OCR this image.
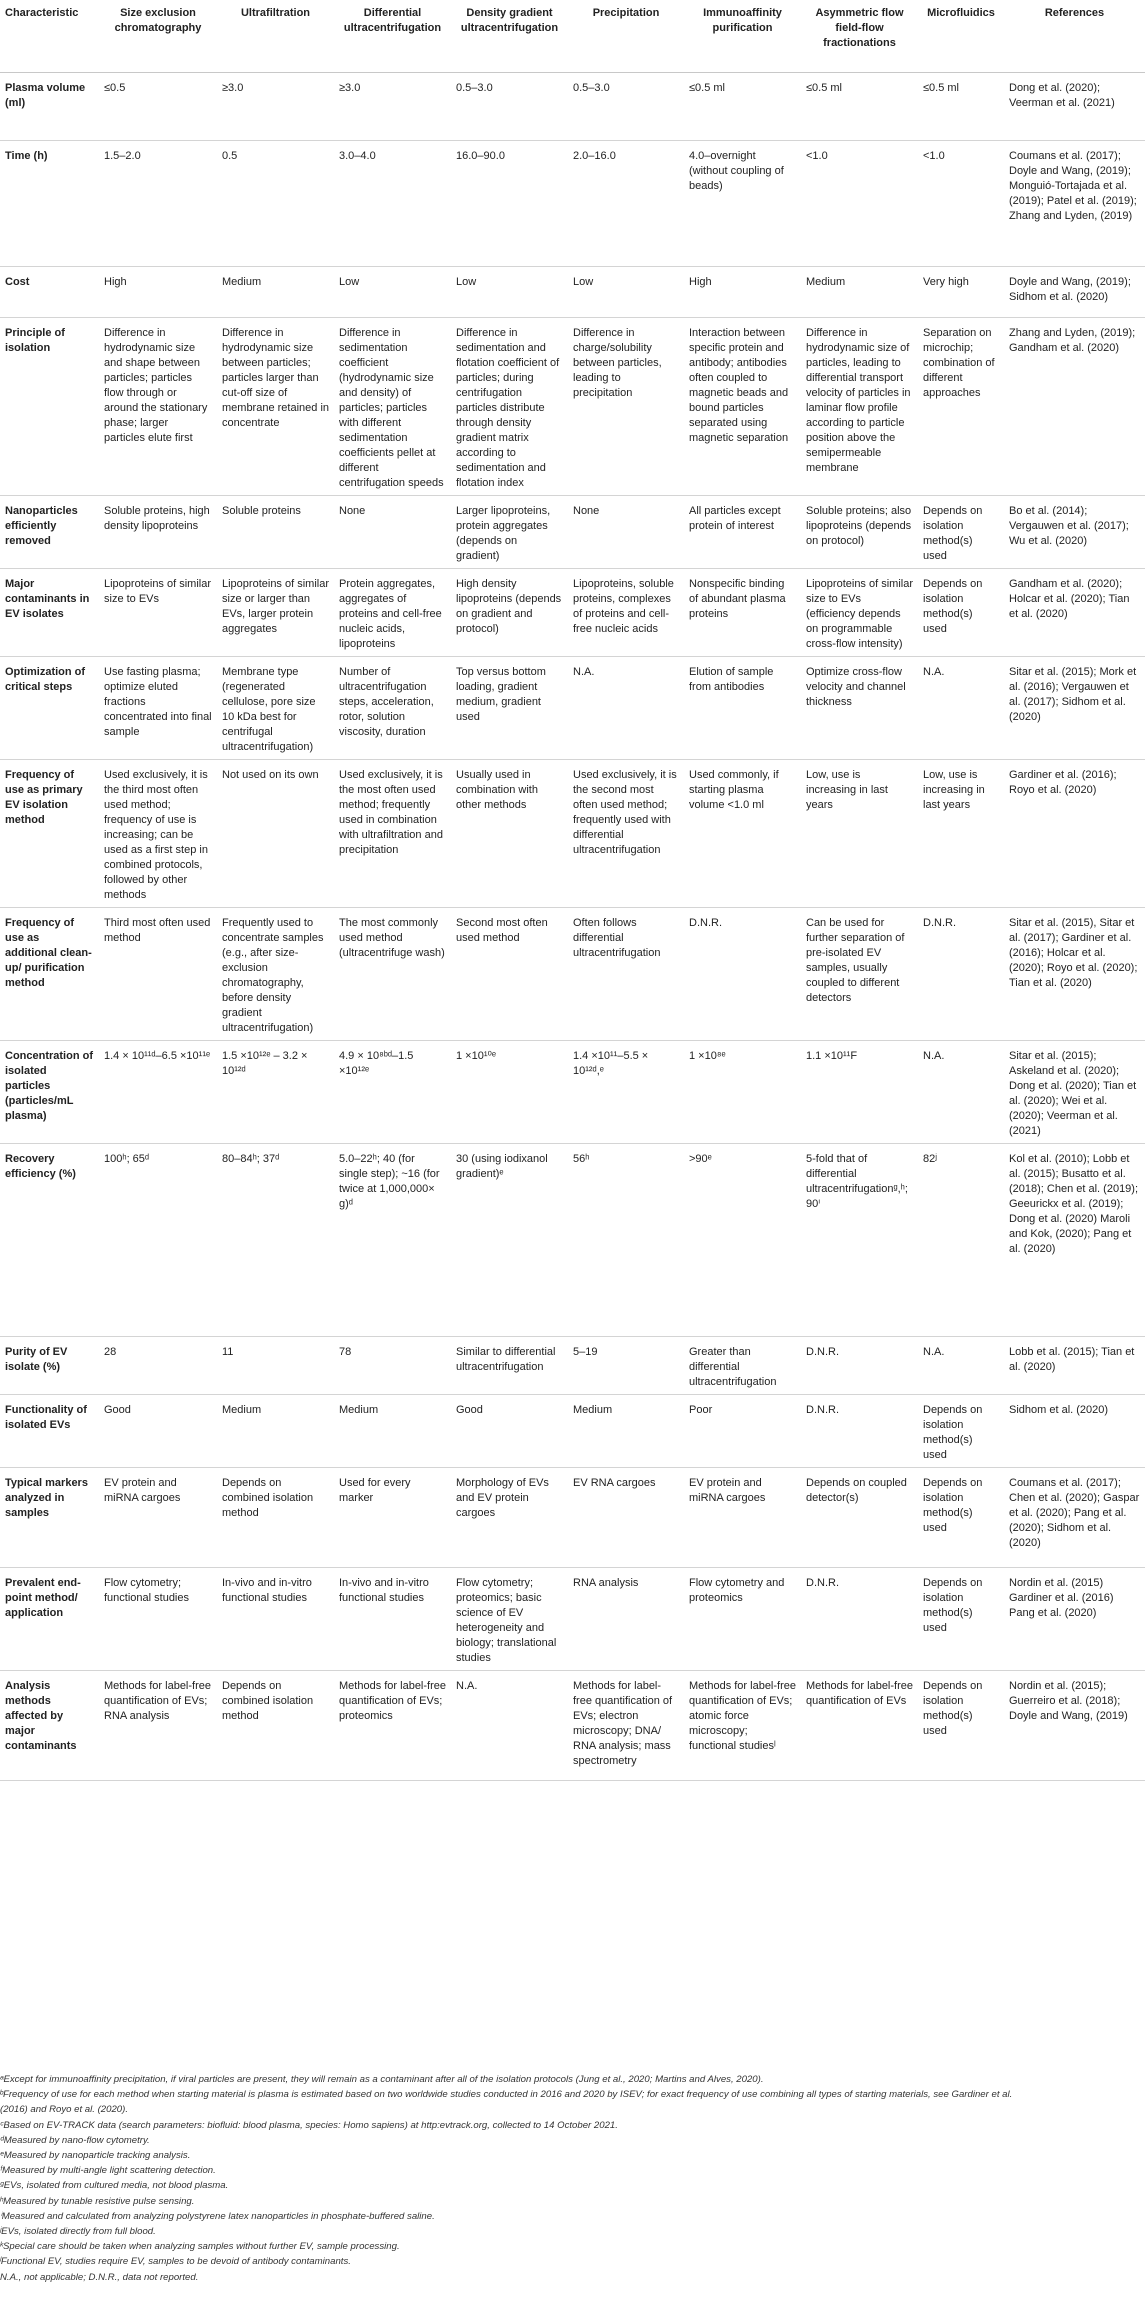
Characteristic	Size exclusion chromatography	Ultrafiltration	Differential ultracentrifugation	Density gradient ultracentrifugation	Precipitation	Immunoaffinity purification	Asymmetric flow field-flow fractionations	Microfluidics	References
Plasma volume (ml)	≤0.5	≥3.0	≥3.0	0.5–3.0	0.5–3.0	≤0.5 ml	≤0.5 ml	≤0.5 ml	Dong et al. (2020); Veerman et al. (2021)
Time (h)	1.5–2.0	0.5	3.0–4.0	16.0–90.0	2.0–16.0	4.0–overnight (without coupling of beads)	<1.0	<1.0	Coumans et al. (2017); Doyle and Wang, (2019); Monguió-Tortajada et al. (2019); Patel et al. (2019); Zhang and Lyden, (2019)
Cost	High	Medium	Low	Low	Low	High	Medium	Very high	Doyle and Wang, (2019); Sidhom et al. (2020)
Principle of isolation	Difference in hydrodynamic size and shape between particles; particles flow through or around the stationary phase; larger particles elute first	Difference in hydrodynamic size between particles; particles larger than cut-off size of membrane retained in concentrate	Difference in sedimentation coefficient (hydrodynamic size and density) of particles; particles with different sedimentation coefficients pellet at different centrifugation speeds	Difference in sedimentation and flotation coefficient of particles; during centrifugation particles distribute through density gradient matrix according to sedimentation and flotation index	Difference in charge/solubility between particles, leading to precipitation	Interaction between specific protein and antibody; antibodies often coupled to magnetic beads and bound particles separated using magnetic separation	Difference in hydrodynamic size of particles, leading to differential transport velocity of particles in laminar flow profile according to particle position above the semipermeable membrane	Separation on microchip; combination of different approaches	Zhang and Lyden, (2019); Gandham et al. (2020)
Nanoparticles efficiently removed	Soluble proteins, high density lipoproteins	Soluble proteins	None	Larger lipoproteins, protein aggregates (depends on gradient)	None	All particles except protein of interest	Soluble proteins; also lipoproteins (depends on protocol)	Depends on isolation method(s) used	Bo et al. (2014); Vergauwen et al. (2017); Wu et al. (2020)
Major contaminants in EV isolates	Lipoproteins of similar size to EVs	Lipoproteins of similar size or larger than EVs, larger protein aggregates	Protein aggregates, aggregates of proteins and cell-free nucleic acids, lipoproteins	High density lipoproteins (depends on gradient and protocol)	Lipoproteins, soluble proteins, complexes of proteins and cell-free nucleic acids	Nonspecific binding of abundant plasma proteins	Lipoproteins of similar size to EVs (efficiency depends on programmable cross-flow intensity)	Depends on isolation method(s) used	Gandham et al. (2020); Holcar et al. (2020); Tian et al. (2020)
Optimization of critical steps	Use fasting plasma; optimize eluted fractions concentrated into final sample	Membrane type (regenerated cellulose, pore size 10 kDa best for centrifugal ultracentrifugation)	Number of ultracentrifugation steps, acceleration, rotor, solution viscosity, duration	Top versus bottom loading, gradient medium, gradient used	N.A.	Elution of sample from antibodies	Optimize cross-flow velocity and channel thickness	N.A.	Sitar et al. (2015); Mork et al. (2016); Vergauwen et al. (2017); Sidhom et al. (2020)
Frequency of use as primary EV isolation method	Used exclusively, it is the third most often used method; frequency of use is increasing; can be used as a first step in combined protocols, followed by other methods	Not used on its own	Used exclusively, it is the most often used method; frequently used in combination with ultrafiltration and precipitation	Usually used in combination with other methods	Used exclusively, it is the second most often used method; frequently used with differential ultracentrifugation	Used commonly, if starting plasma volume <1.0 ml	Low, use is increasing in last years	Low, use is increasing in last years	Gardiner et al. (2016); Royo et al. (2020)
Frequency of use as additional clean-up/ purification method	Third most often used method	Frequently used to concentrate samples (e.g., after size-exclusion chromatography, before density gradient ultracentrifugation)	The most commonly used method (ultracentrifuge wash)	Second most often used method	Often follows differential ultracentrifugation	D.N.R.	Can be used for further separation of pre-isolated EV samples, usually coupled to different detectors	D.N.R.	Sitar et al. (2015), Sitar et al. (2017); Gardiner et al. (2016); Holcar et al. (2020); Royo et al. (2020); Tian et al. (2020)
Concentration of isolated particles (particles/mL plasma)	1.4 × 10¹¹ᵈ–6.5 ×10¹¹ᵉ	1.5 ×10¹²ᵉ – 3.2 × 10¹²ᵈ	4.9 × 10⁸ᵇᵈ–1.5 ×10¹²ᵉ	1 ×10¹⁰ᵉ	1.4 ×10¹¹–5.5 × 10¹²ᵈ,ᵉ	1 ×10⁸ᵉ	1.1 ×10¹¹F	N.A.	Sitar et al. (2015); Askeland et al. (2020); Dong et al. (2020); Tian et al. (2020); Wei et al. (2020); Veerman et al. (2021)
Recovery efficiency (%)	100ʰ; 65ᵈ	80–84ʰ; 37ᵈ	5.0–22ʰ; 40 (for single step); ~16 (for twice at 1,000,000× g)ᵈ	30 (using iodixanol gradient)ᵉ	56ʰ	>90ᵉ	5-fold that of differential ultracentrifugationᵍ,ʰ; 90ⁱ	82ʲ	Kol et al. (2010); Lobb et al. (2015); Busatto et al. (2018); Chen et al. (2019); Geeurickx et al. (2019); Dong et al. (2020) Maroli and Kok, (2020); Pang et al. (2020)
Purity of EV isolate (%)	28	11	78	Similar to differential ultracentrifugation	5–19	Greater than differential ultracentrifugation	D.N.R.	N.A.	Lobb et al. (2015); Tian et al. (2020)
Functionality of isolated EVs	Good	Medium	Medium	Good	Medium	Poor	D.N.R.	Depends on isolation method(s) used	Sidhom et al. (2020)
Typical markers analyzed in samples	EV protein and miRNA cargoes	Depends on combined isolation method	Used for every marker	Morphology of EVs and EV protein cargoes	EV RNA cargoes	EV protein and miRNA cargoes	Depends on coupled detector(s)	Depends on isolation method(s) used	Coumans et al. (2017); Chen et al. (2020); Gaspar et al. (2020); Pang et al. (2020); Sidhom et al. (2020)
Prevalent end-point method/ application	Flow cytometry; functional studies	In-vivo and in-vitro functional studies	In-vivo and in-vitro functional studies	Flow cytometry; proteomics; basic science of EV heterogeneity and biology; translational studies	RNA analysis	Flow cytometry and proteomics	D.N.R.	Depends on isolation method(s) used	Nordin et al. (2015) Gardiner et al. (2016) Pang et al. (2020)
Analysis methods affected by major contaminants	Methods for label-free quantification of EVs; RNA analysis	Depends on combined isolation method	Methods for label-free quantification of EVs; proteomics	N.A.	Methods for label-free quantification of EVs; electron microscopy; DNA/ RNA analysis; mass spectrometry	Methods for label-free quantification of EVs; atomic force microscopy; functional studiesˡ	Methods for label-free quantification of EVs	Depends on isolation method(s) used	Nordin et al. (2015); Guerreiro et al. (2018); Doyle and Wang, (2019)
ᵃExcept for immunoaffinity precipitation, if viral particles are present, they will remain as a contaminant after all of the isolation protocols (Jung et al., 2020; Martins and Alves, 2020).
ᵇFrequency of use for each method when starting material is plasma is estimated based on two worldwide studies conducted in 2016 and 2020 by ISEV; for exact frequency of use combining all types of starting materials, see Gardiner et al.
(2016) and Royo et al. (2020).
ᶜBased on EV-TRACK data (search parameters: biofluid: blood plasma, species: Homo sapiens) at http:evtrack.org, collected to 14 October 2021.
ᵈMeasured by nano-flow cytometry.
ᵉMeasured by nanoparticle tracking analysis.
ᶠMeasured by multi-angle light scattering detection.
ᵍEVs, isolated from cultured media, not blood plasma.
ʰMeasured by tunable resistive pulse sensing.
ⁱMeasured and calculated from analyzing polystyrene latex nanoparticles in phosphate-buffered saline.
ʲEVs, isolated directly from full blood.
ᵏSpecial care should be taken when analyzing samples without further EV, sample processing.
ˡFunctional EV, studies require EV, samples to be devoid of antibody contaminants.
N.A., not applicable; D.N.R., data not reported.
